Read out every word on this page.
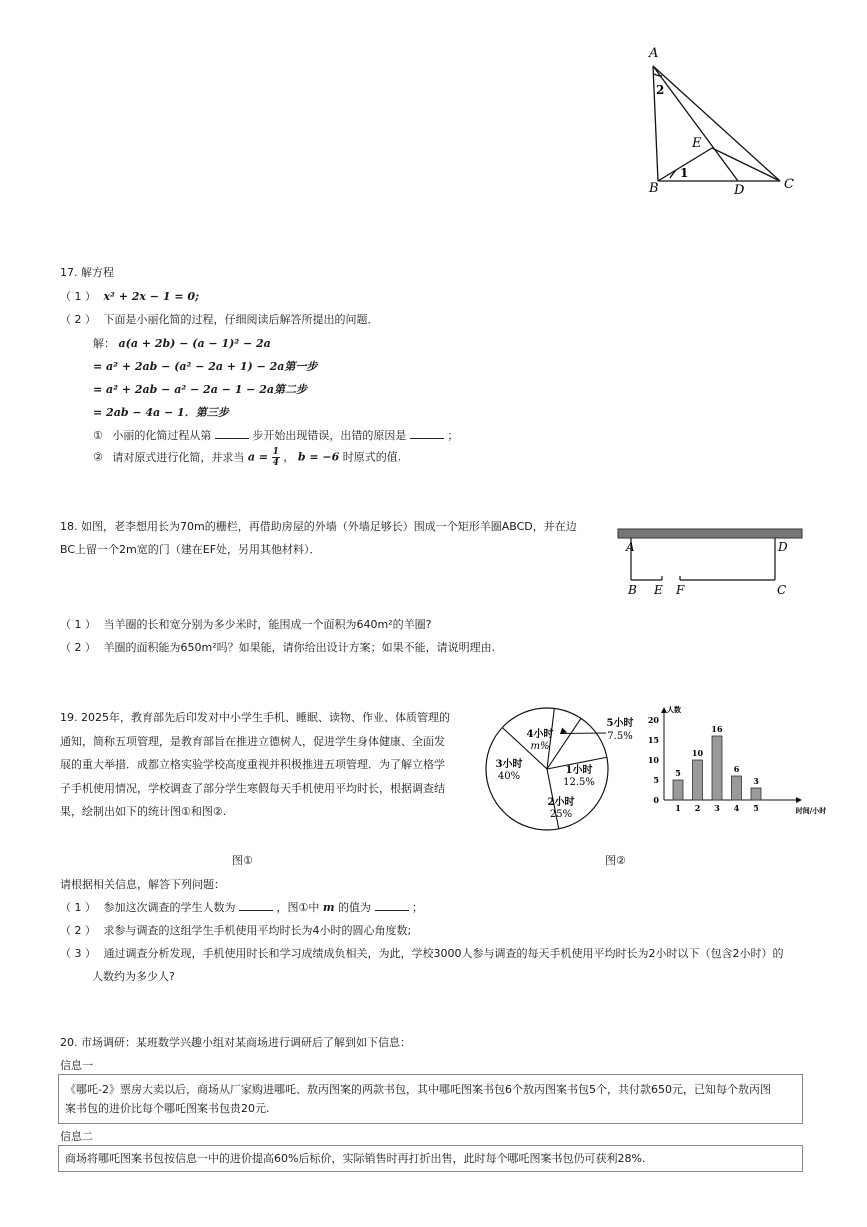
A
B	C
D
E
1
2
17. 解方程
（ 1 ） x² + 2x − 1 = 0;
（ 2 ） 下面是小丽化简的过程，仔细阅读后解答所提出的问题．
解： a(a + 2b) − (a − 1)² − 2a
= a² + 2ab − (a² − 2a + 1) − 2a第一步
= a² + 2ab − a² − 2a − 1 − 2a第二步
= 2ab − 4a − 1．第三步
① 小丽的化简过程从第	步开始出现错误，出错的原因是	；
② 请对原式进行化简，并求当 $a = \frac{1}{4}$ ， b = −6 时原式的值.
18. 如图，老李想用长为70m的栅栏，再借助房屋的外墙（外墙足够长）围成一个矩形羊圈ABCD，并在边
BC上留一个2m宽的门（建在EF处，另用其他材料）．	A	D
B E F	C
（ 1 ） 当羊圈的长和宽分别为多少米时，能围成一个面积为640m²的羊圈?
（ 2 ） 羊圈的面积能为650m²吗？如果能，请你给出设计方案；如果不能，请说明理由.
19. 2025年，教育部先后印发对中小学生手机、睡眠、读物、作业、体质管理的
通知，简称五项管理，是教育部旨在推进立德树人，促进学生身体健康、全面发
展的重大举措．成都立格实验学校高度重视并积极推进五项管理．为了解立格学
子手机使用情况，学校调查了部分学生寒假每天手机使用平均时长，根据调查结
果，绘制出如下的统计图①和图②.
1小时
12.5%
2小时
25%
3小时
40%
4小时
m%
5小时
7.5%
人数
时间/小时
0
5
10
15
20
5
1
10
2
16
3
6
4
3
5
图①	图②
请根据相关信息，解答下列问题：
（ 1 ） 参加这次调查的学生人数为	，图①中 m 的值为	；
（ 2 ） 求参与调查的这组学生手机使用平均时长为4小时的圆心角度数;
（ 3 ） 通过调查分析发现，手机使用时长和学习成绩成负相关，为此，学校3000人参与调查的每天手机使用平均时长为2小时以下（包含2小时）的
人数约为多少人?
20. 市场调研：某班数学兴趣小组对某商场进行调研后了解到如下信息：
信息一
《哪吒-2》票房大卖以后，商场从厂家购进哪吒、敖丙图案的两款书包，其中哪吒图案书包6个敖丙图案书包5个，共付款650元，已知每个敖丙图
案书包的进价比每个哪吒图案书包贵20元.
信息二
商场将哪吒图案书包按信息一中的进价提高60%后标价，实际销售时再打折出售，此时每个哪吒图案书包仍可获利28%.
